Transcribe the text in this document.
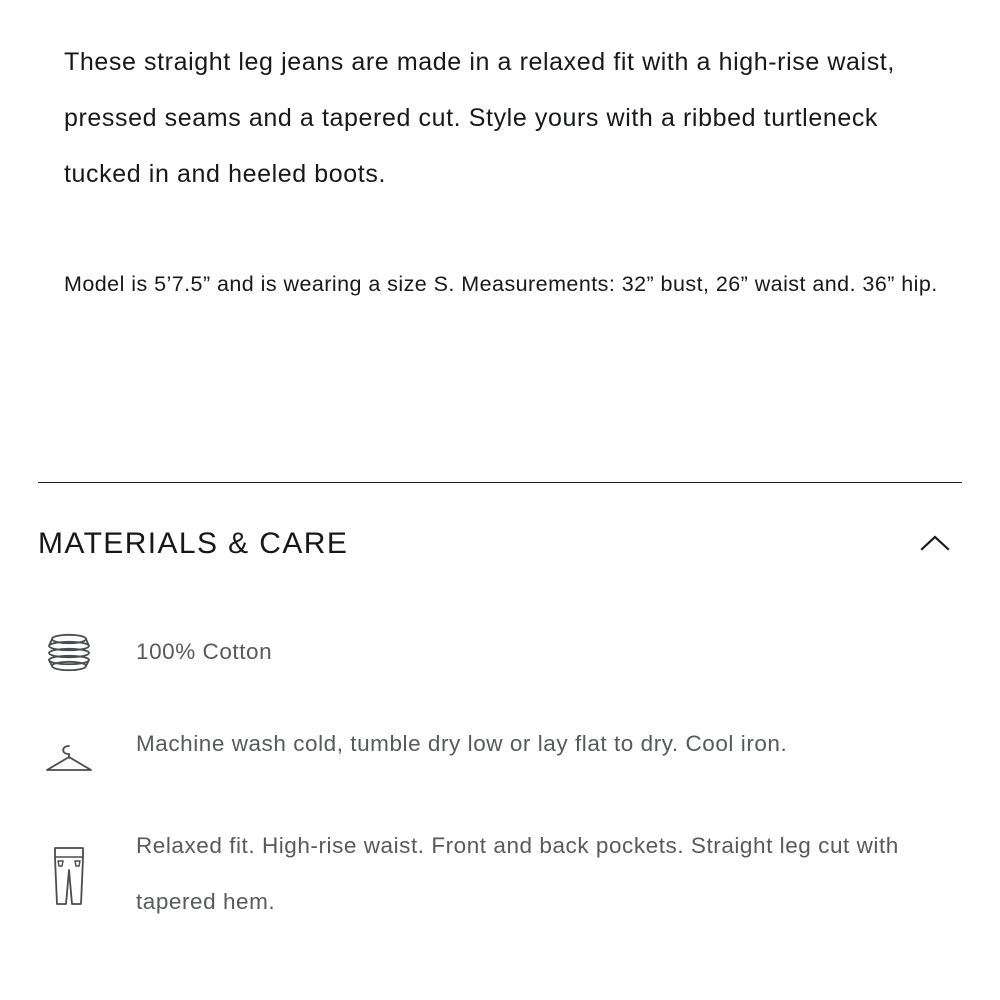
These straight leg jeans are made in a relaxed fit with a high-rise waist, pressed seams and a tapered cut. Style yours with a ribbed turtleneck tucked in and heeled boots.

Model is 5’7.5” and is wearing a size S. Measurements: 32” bust, 26” waist and. 36” hip.

MATERIALS & CARE
100% Cotton
Machine wash cold, tumble dry low or lay flat to dry. Cool iron.
Relaxed fit. High-rise waist. Front and back pockets. Straight leg cut with tapered hem.
